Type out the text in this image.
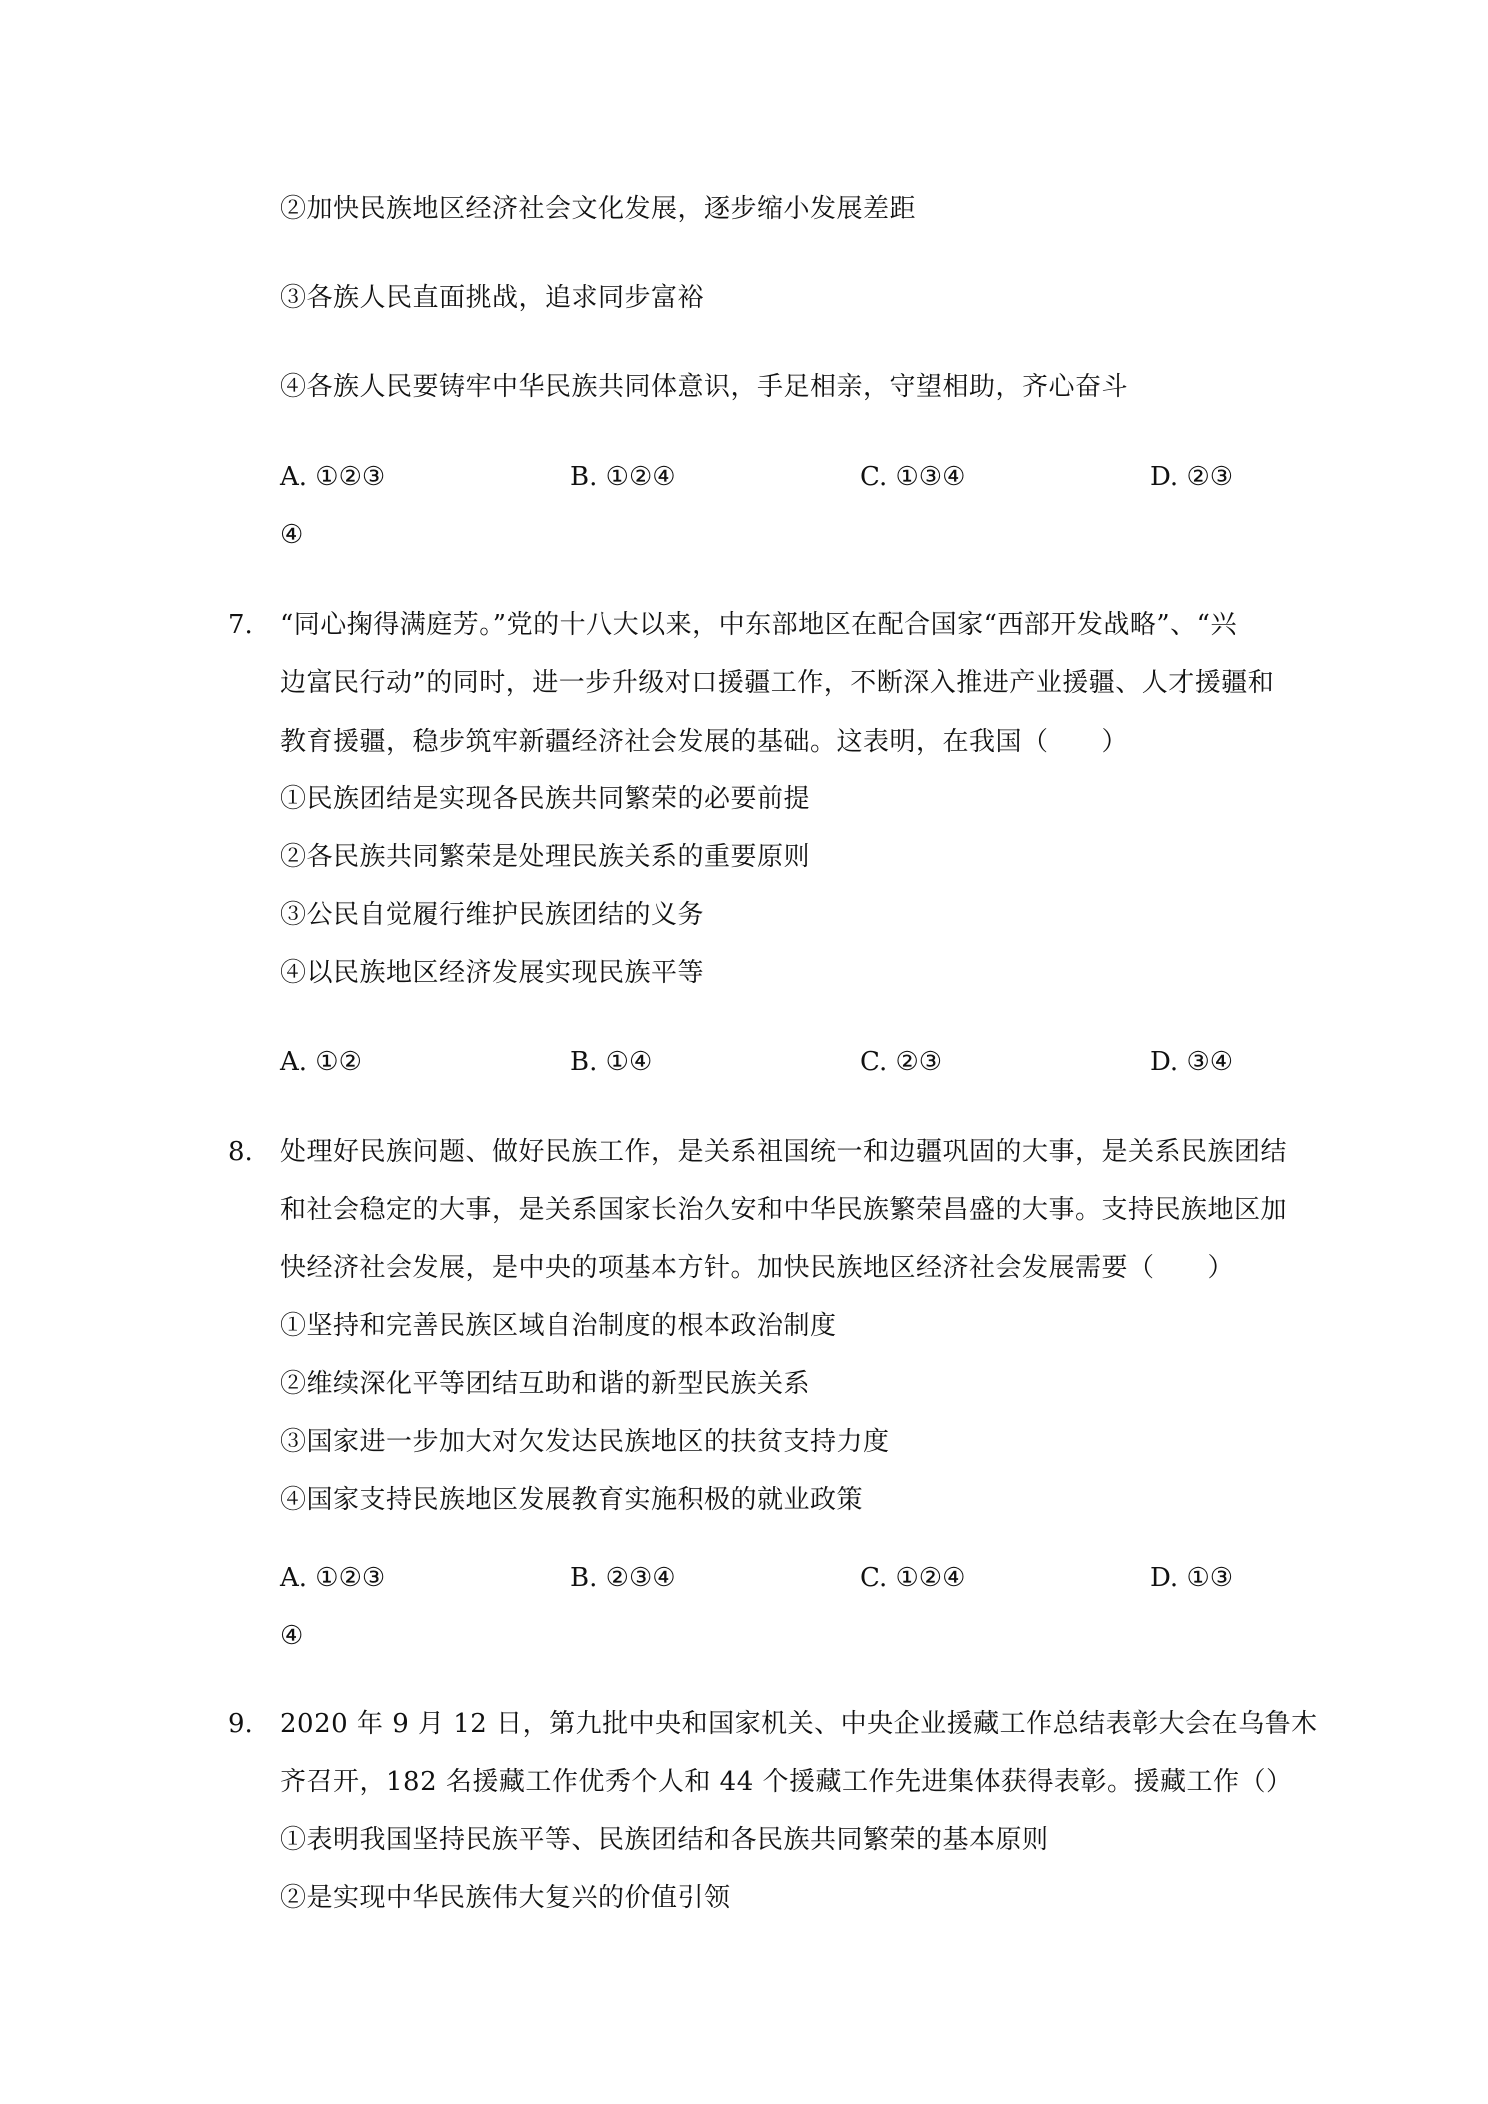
②加快民族地区经济社会文化发展，逐步缩小发展差距
③各族人民直面挑战，追求同步富裕
④各族人民要铸牢中华民族共同体意识，手足相亲，守望相助，齐心奋斗
A. ①②③	B. ①②④	C. ①③④	D. ②③
④
7. “同心掬得满庭芳。”党的十八大以来，中东部地区在配合国家“西部开发战略”、“兴
边富民行动”的同时，进一步升级对口援疆工作，不断深入推进产业援疆、人才援疆和
教育援疆，稳步筑牢新疆经济社会发展的基础。这表明，在我国（　　）
①民族团结是实现各民族共同繁荣的必要前提
②各民族共同繁荣是处理民族关系的重要原则
③公民自觉履行维护民族团结的义务
④以民族地区经济发展实现民族平等
A. ①②	B. ①④	C. ②③	D. ③④
8. 处理好民族问题、做好民族工作，是关系祖国统一和边疆巩固的大事，是关系民族团结
和社会稳定的大事，是关系国家长治久安和中华民族繁荣昌盛的大事。支持民族地区加
快经济社会发展，是中央的项基本方针。加快民族地区经济社会发展需要（　　）
①坚持和完善民族区域自治制度的根本政治制度
②维续深化平等团结互助和谐的新型民族关系
③国家进一步加大对欠发达民族地区的扶贫支持力度
④国家支持民族地区发展教育实施积极的就业政策
A. ①②③	B. ②③④	C. ①②④	D. ①③
④
9. 2020 年 9 月 12 日，第九批中央和国家机关、中央企业援藏工作总结表彰大会在乌鲁木
齐召开，182 名援藏工作优秀个人和 44 个援藏工作先进集体获得表彰。援藏工作（）
①表明我国坚持民族平等、民族团结和各民族共同繁荣的基本原则
②是实现中华民族伟大复兴的价值引领
